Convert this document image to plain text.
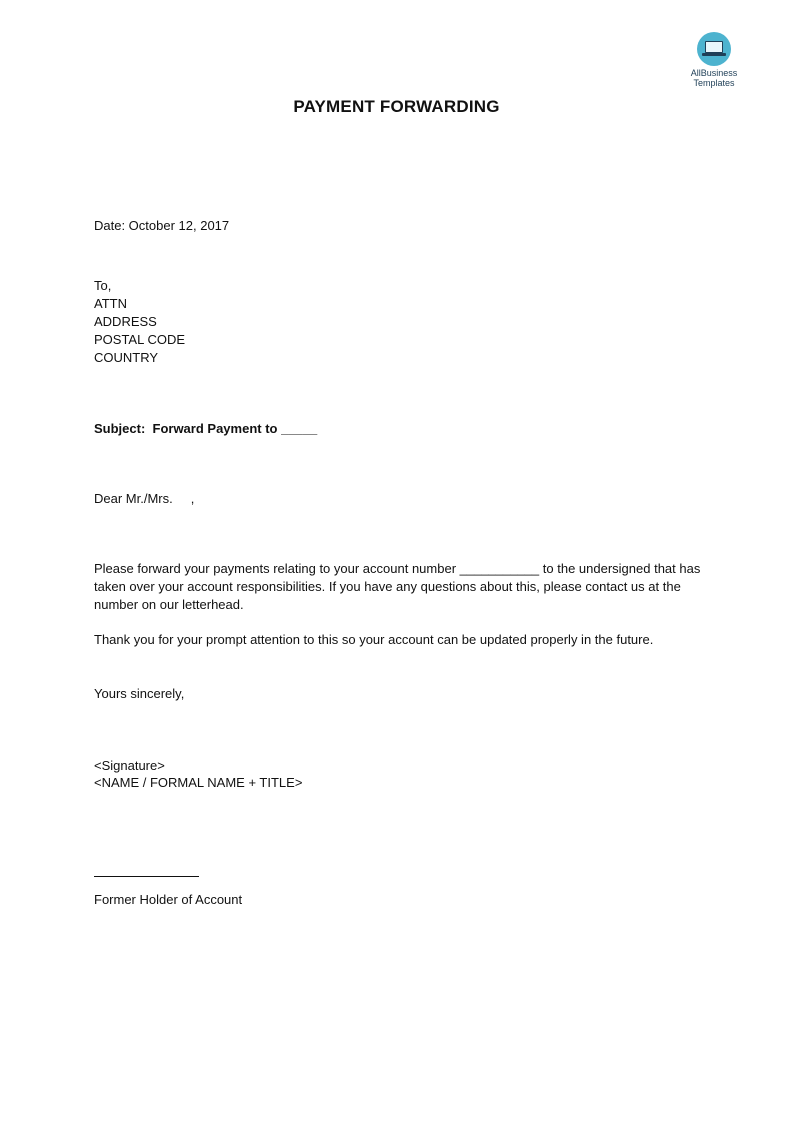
AllBusiness
Templates
PAYMENT FORWARDING
Date: October 12, 2017
To,
ATTN
ADDRESS
POSTAL CODE
COUNTRY
Subject:  Forward Payment to _____
Dear Mr./Mrs.     ,
Please forward your payments relating to your account number ___________ to the undersigned that has taken over your account responsibilities. If you have any questions about this, please contact us at the number on our letterhead.
Thank you for your prompt attention to this so your account can be updated properly in the future.
Yours sincerely,
<Signature>
<NAME / FORMAL NAME + TITLE>
Former Holder of Account
